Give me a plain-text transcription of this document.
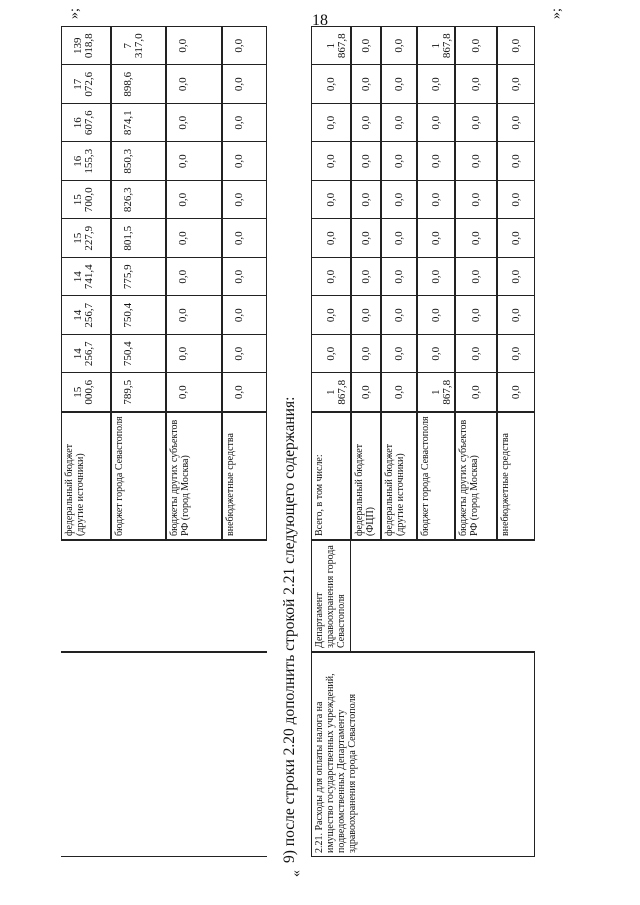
18
федеральный бюджет (другие источники)
15 000,6
14 256,7
14 256,7
14 741,4
15 227,9
15 700,0
16 155,3
16 607,6
17 072,6
139 018,8
бюджет города Севастополя
789,5
750,4
750,4
775,9
801,5
826,3
850,3
874,1
898,6
7 317,0
бюджеты других субъектов РФ (город Москва)
0,0
0,0
0,0
0,0
0,0
0,0
0,0
0,0
0,0
0,0
внебюджетные средства
0,0
0,0
0,0
0,0
0,0
0,0
0,0
0,0
0,0
0,0
9) после строки 2.20 дополнить строкой 2.21 следующего содержания:
«
»;
2.21. Расходы для оплаты налога на имущество государственных учреждений, подведомственных Департаменту здравоохранения города Севастополя
Департамент здравоохранения города Севастополя
Всего, в том числе:
1 867,8
0,0
0,0
0,0
0,0
0,0
0,0
0,0
0,0
1 867,8
федеральный бюджет (ФЦП)
0,0
0,0
0,0
0,0
0,0
0,0
0,0
0,0
0,0
0,0
федеральный бюджет (другие источники)
0,0
0,0
0,0
0,0
0,0
0,0
0,0
0,0
0,0
0,0
бюджет города Севастополя
1 867,8
0,0
0,0
0,0
0,0
0,0
0,0
0,0
0,0
1 867,8
бюджеты других субъектов РФ (город Москва)
0,0
0,0
0,0
0,0
0,0
0,0
0,0
0,0
0,0
0,0
внебюджетные средства
0,0
0,0
0,0
0,0
0,0
0,0
0,0
0,0
0,0
0,0
»;
